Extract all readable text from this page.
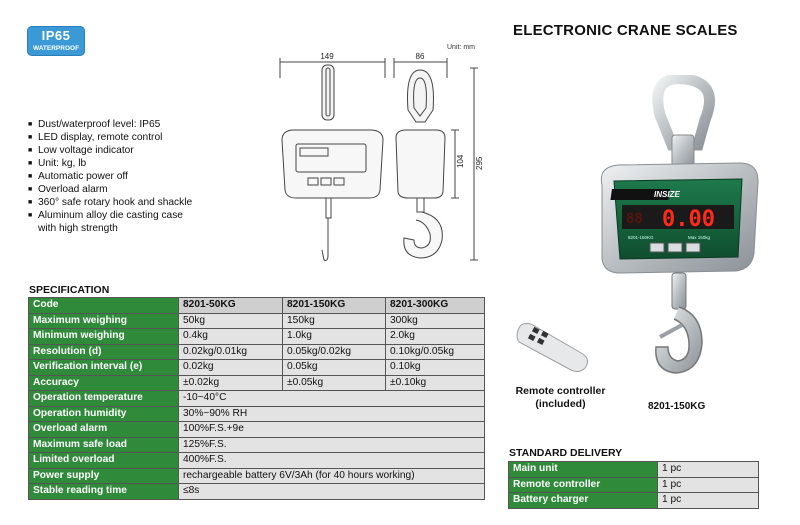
IP65
WATERPROOF
ELECTRONIC CRANE SCALES
Unit: mm
■ Dust/waterproof level: IP65
■ LED display, remote control
■ Low voltage indicator
■ Unit: kg, lb
■ Automatic power off
■ Overload alarm
■ 360° safe rotary hook and shackle
■ Aluminum alloy die casting case
with high strength
149	86
104 295
INSIZE
88 0.00
8201-150KG	Max 150kg
Remote controller
(included)	8201-150KG
SPECIFICATION
Code	8201-50KG	8201-150KG	8201-300KG
Maximum weighing	50kg	150kg	300kg
Minimum weighing	0.4kg	1.0kg	2.0kg
Resolution (d)	0.02kg/0.01kg	0.05kg/0.02kg	0.10kg/0.05kg
Verification interval (e)	0.02kg	0.05kg	0.10kg
Accuracy	±0.02kg	±0.05kg	±0.10kg
Operation temperature	-10~40°C		
Operation humidity	30%~90% RH		
Overload alarm	100%F.S.+9e		
Maximum safe load	125%F.S.		
Limited overload	400%F.S.		
Power supply	rechargeable battery 6V/3Ah (for 40 hours working)		
Stable reading time	≤8s		
STANDARD DELIVERY
Main unit	1 pc
Remote controller	1 pc
Battery charger	1 pc
